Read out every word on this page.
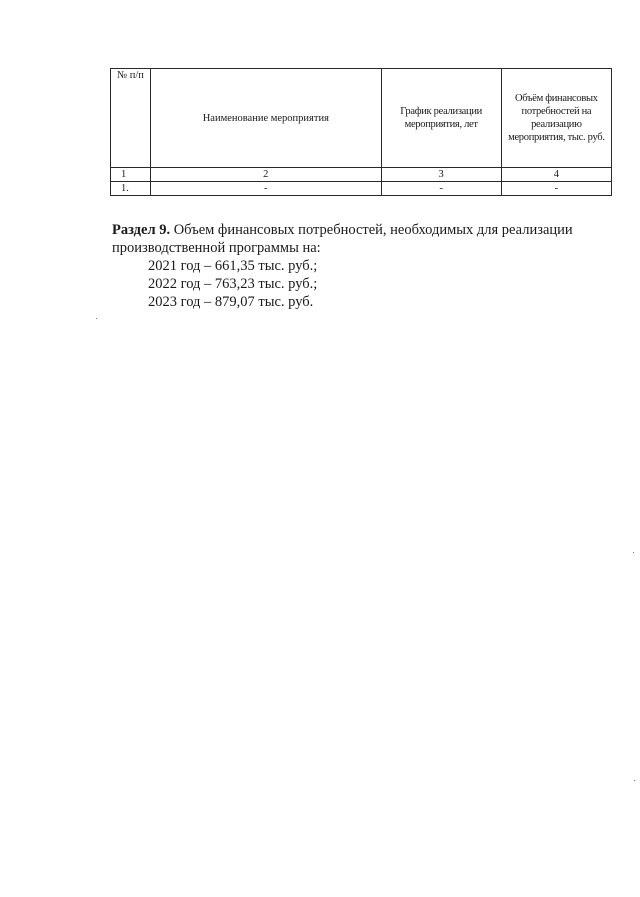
№ п/п	Наименование мероприятия	График реализации мероприятия, лет	Объём финансовых потребностей на реализацию мероприятия, тыс. руб.
1	2	3	4
1.	-	-	-

Раздел 9. Объем финансовых потребностей, необходимых для реализации производственной программы на:

2021 год – 661,35 тыс. руб.;

2022 год – 763,23 тыс. руб.;

2023 год – 879,07 тыс. руб.
